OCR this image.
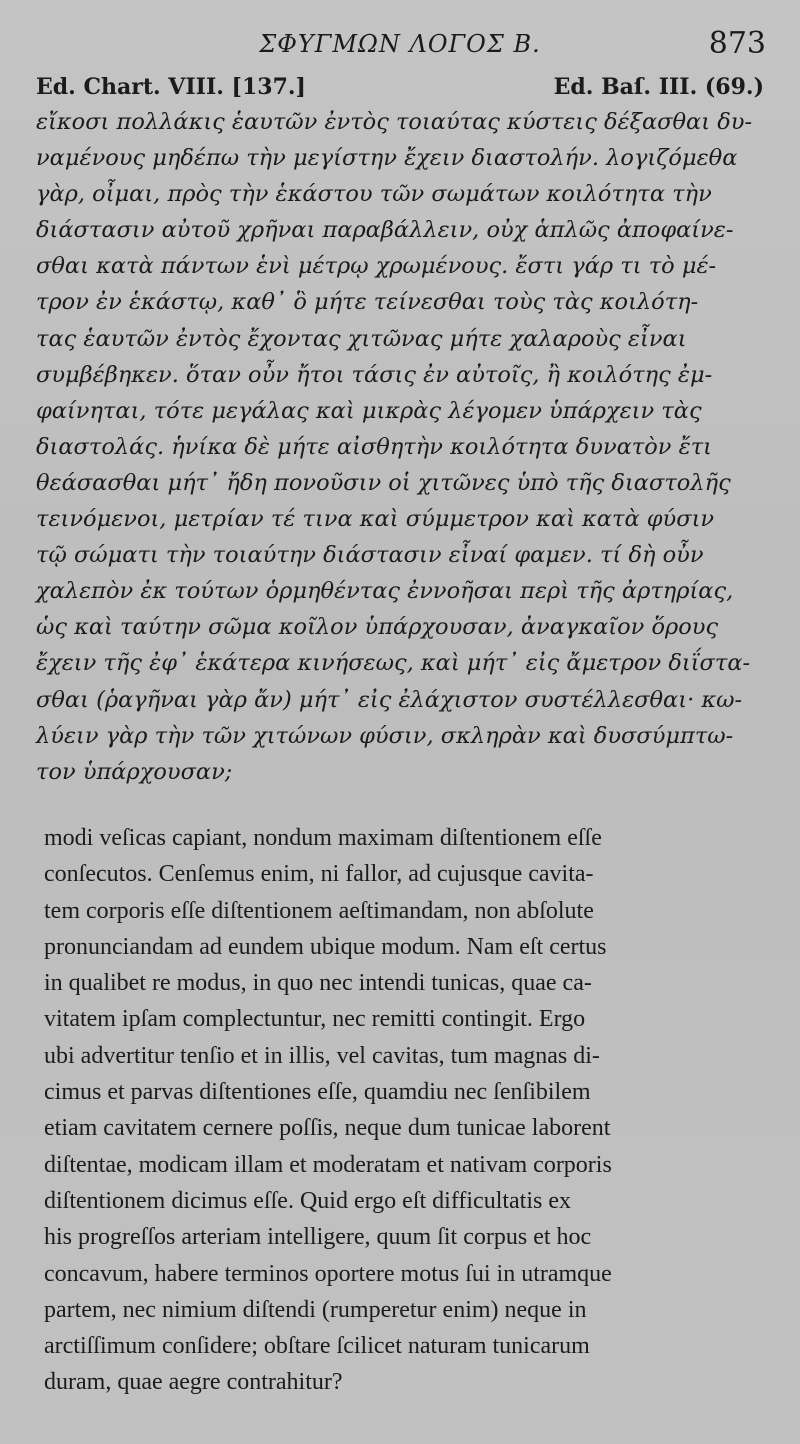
ΣΦΥΓΜΩΝ ΛΟΓΟΣ Β.	873
Ed. Chart. VIII. [137.]	Ed. Baſ. III. (69.)
εἴκοσι πολλάκις ἑαυτῶν ἐντὸς τοιαύτας κύστεις δέξασθαι δυ-
ναμένους μηδέπω τὴν μεγίστην ἔχειν διαστολήν. λογιζόμεθα
γὰρ, οἶμαι, πρὸς τὴν ἑκάστου τῶν σωμάτων κοιλότητα τὴν
διάστασιν αὐτοῦ χρῆναι παραβάλλειν, οὐχ ἁπλῶς ἀποφαίνε-
σθαι κατὰ πάντων ἑνὶ μέτρῳ χρωμένους. ἔστι γάρ τι τὸ μέ-
τρον ἐν ἑκάστῳ, καθ᾽ ὃ μήτε τείνεσθαι τοὺς τὰς κοιλότη-
τας ἑαυτῶν ἐντὸς ἔχοντας χιτῶνας μήτε χαλαροὺς εἶναι
συμβέβηκεν. ὅταν οὖν ἤτοι τάσις ἐν αὐτοῖς, ἢ κοιλότης ἐμ-
φαίνηται, τότε μεγάλας καὶ μικρὰς λέγομεν ὑπάρχειν τὰς
διαστολάς. ἡνίκα δὲ μήτε αἰσθητὴν κοιλότητα δυνατὸν ἔτι
θεάσασθαι μήτ᾽ ἤδη πονοῦσιν οἱ χιτῶνες ὑπὸ τῆς διαστολῆς
τεινόμενοι, μετρίαν τέ τινα καὶ σύμμετρον καὶ κατὰ φύσιν
τῷ σώματι τὴν τοιαύτην διάστασιν εἶναί φαμεν. τί δὴ οὖν
χαλεπὸν ἐκ τούτων ὁρμηθέντας ἐννοῆσαι περὶ τῆς ἀρτηρίας,
ὡς καὶ ταύτην σῶμα κοῖλον ὑπάρχουσαν, ἀναγκαῖον ὅρους
ἔχειν τῆς ἐφ᾽ ἑκάτερα κινήσεως, καὶ μήτ᾽ εἰς ἄμετρον διΐστα-
σθαι (ῥαγῆναι γὰρ ἄν) μήτ᾽ εἰς ἐλάχιστον συστέλλεσθαι· κω-
λύειν γὰρ τὴν τῶν χιτώνων φύσιν, σκληρὰν καὶ δυσσύμπτω-
τον ὑπάρχουσαν;
modi veſicas capiant, nondum maximam diſtentionem eſſe
conſecutos. Cenſemus enim, ni fallor, ad cujusque cavita-
tem corporis eſſe diſtentionem aeſtimandam, non abſolute
pronunciandam ad eundem ubique modum. Nam eſt certus
in qualibet re modus, in quo nec intendi tunicas, quae ca-
vitatem ipſam complectuntur, nec remitti contingit. Ergo
ubi advertitur tenſio et in illis, vel cavitas, tum magnas di-
cimus et parvas diſtentiones eſſe, quamdiu nec ſenſibilem
etiam cavitatem cernere poſſis, neque dum tunicae laborent
diſtentae, modicam illam et moderatam et nativam corporis
diſtentionem dicimus eſſe. Quid ergo eſt difficultatis ex
his progreſſos arteriam intelligere, quum ſit corpus et hoc
concavum, habere terminos oportere motus ſui in utramque
partem, nec nimium diſtendi (rumperetur enim) neque in
arctiſſimum conſidere; obſtare ſcilicet naturam tunicarum
duram, quae aegre contrahitur?
